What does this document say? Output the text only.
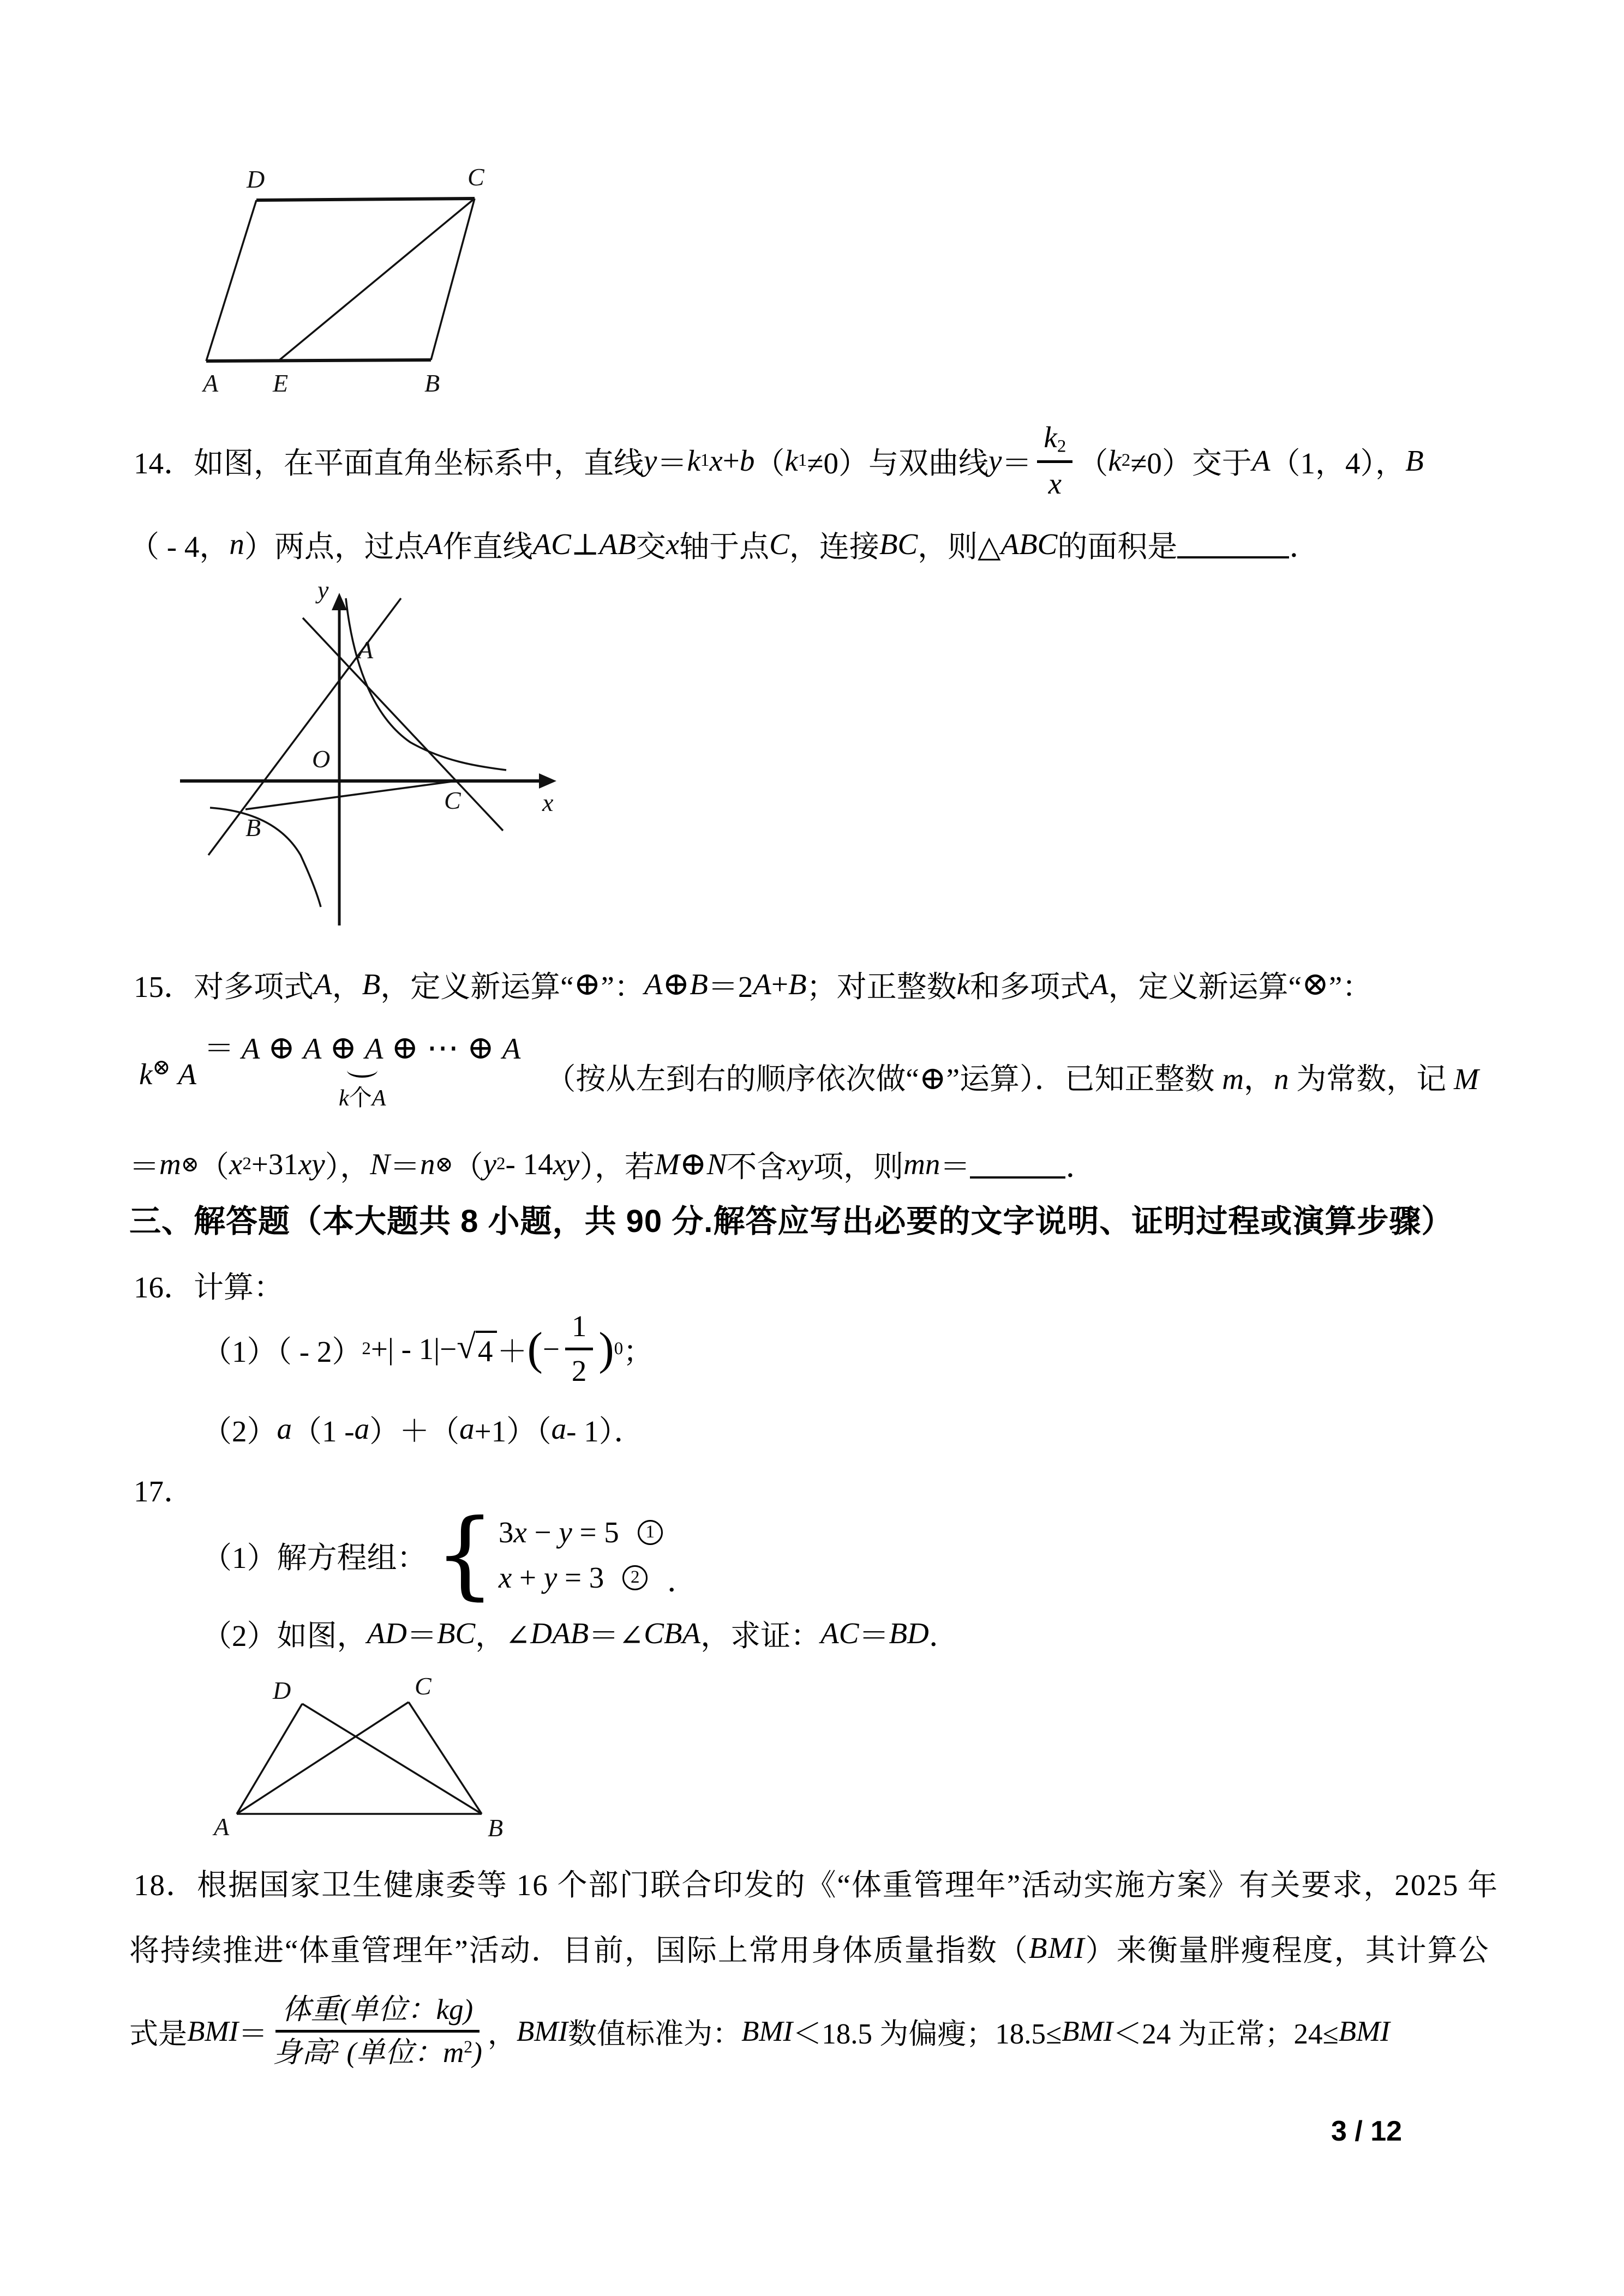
D	C
A E	B
14．如图，在平面直角坐标系中，直线 y ＝ k 1 x + b （ k 1 ≠0）与双曲线 $y = \frac{k_2}{x}$ （ k 2 ≠0）交于 A （1，4）， B
（ - 4， n ）两点，过点 A 作直线 AC ⊥ AB 交 x 轴于点 C ，连接 BC ，则△ ABC 的面积是	．
y
x
O
A
B
C
15．对多项式 A ， B ，定义新运算“ ⊕ ”： A ⊕ B ＝2 A + B ；对正整数 k 和多项式 A ，定义新运算“ ⊗ ”：
k⊗ A
＝ A ⊕ A ⊕ A ⊕ ⋯ ⊕ A
k个A
（按从左到右的顺序依次做“⊕”运算）．已知正整数 m，n 为常数，记 M
＝ m ⊗ （ x 2 +31 xy ）， N ＝ n ⊗ （ y 2 - 14 xy ），若 M ⊕ N 不含 xy 项，则 mn ＝	．
三、解答题（本大题共 8 小题，共 90 分.解答应写出必要的文字说明、证明过程或演算步骤）
16．计算：
（1）（ - 2） 2 +| - 1|− √ 4 ＋ ( − $\frac{1}{2}$ ) 0 ；
（2） a （1 - a ）＋（ a +1）（ a - 1）．
17．
（1）解方程组： { 3x − y = 5	1
x + y = 3	2 ．
（2）如图， AD ＝ BC ，∠ DAB ＝∠ CBA ，求证： AC ＝ BD ．
D	C
A	B
18．根据国家卫生健康委等 16 个部门联合印发的《“体重管理年”活动实施方案》有关要求，2025 年
将持续推进“体重管理年”活动．目前，国际上常用身体质量指数（ BMI ）来衡量胖瘦程度，其计算公
式是 BMI ＝ $\frac{\text{体重(单位：kg)}}{身高^2 (单位:m^2)}$ ， BMI 数值标准为： BMI ＜18.5 为偏瘦；18.5≤ BMI ＜24 为正常；24≤ BMI
3 / 12
